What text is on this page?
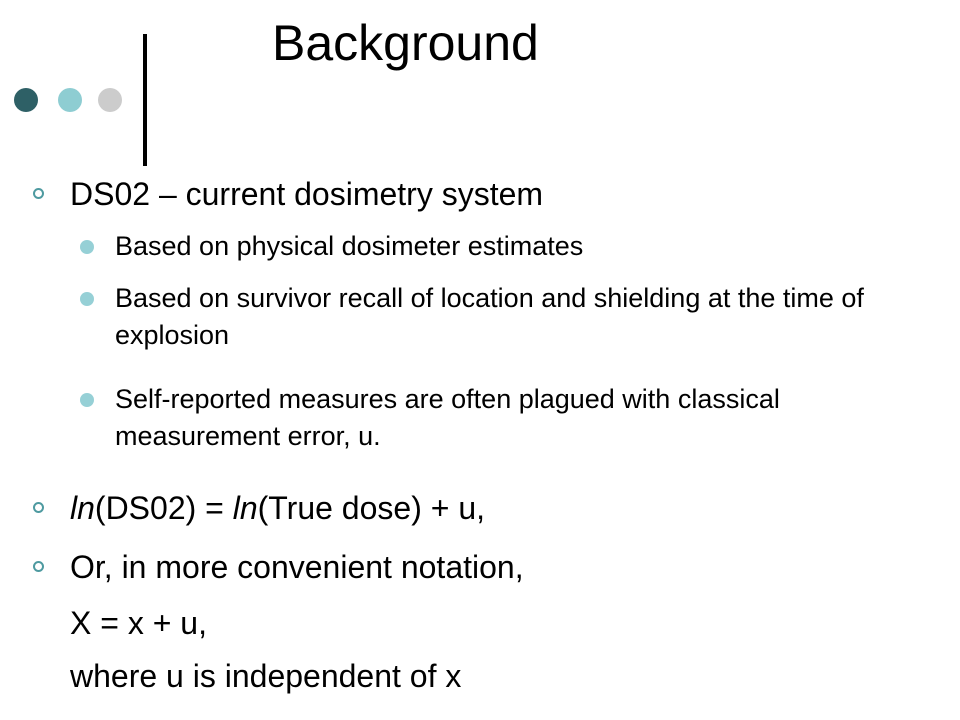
Background
DS02 – current dosimetry system
Based on physical dosimeter estimates
Based on survivor recall of location and shielding at the time of explosion
Self-reported measures are often plagued with classical measurement error, u.
ln(DS02) = ln(True dose) + u,
Or, in more convenient notation,
X = x + u,
where u is independent of x
